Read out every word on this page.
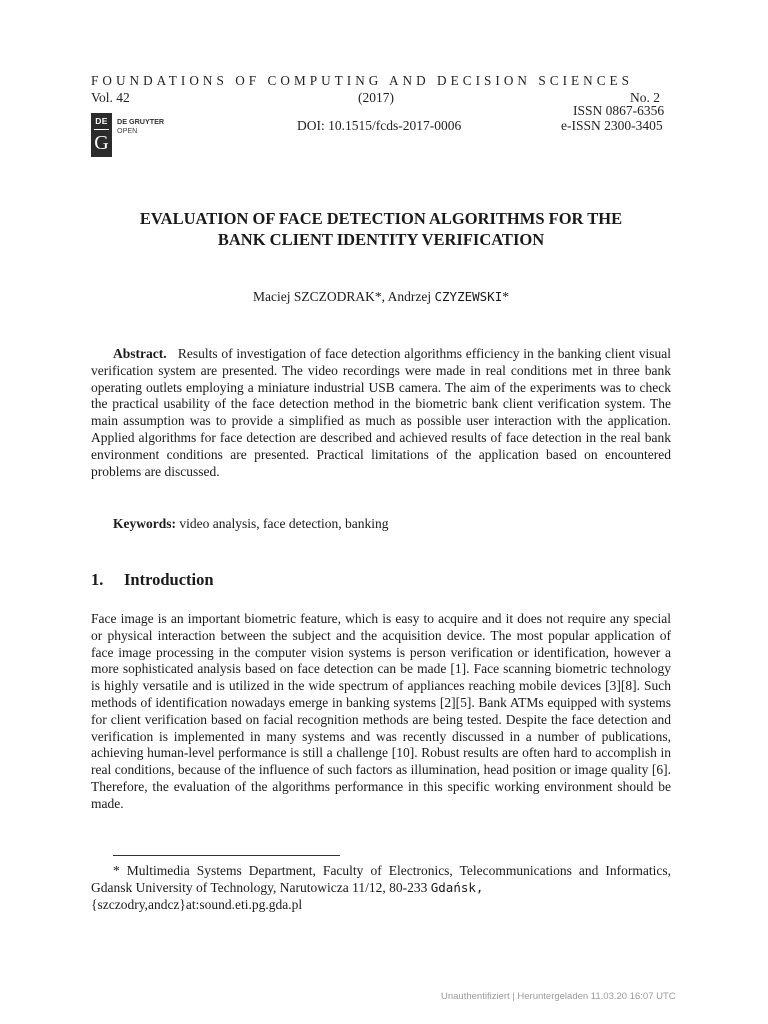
FOUNDATIONS OF COMPUTING AND DECISION SCIENCES
Vol. 42	(2017)	No. 2
ISSN 0867-6356
DOI: 10.1515/fcds-2017-0006	e-ISSN 2300-3405
DE
G
DE GRUYTER
OPEN
EVALUATION OF FACE DETECTION ALGORITHMS FOR THE
BANK CLIENT IDENTITY VERIFICATION
Maciej SZCZODRAK*, Andrzej CZYZEWSKI*
Abstract. Results of investigation of face detection algorithms efficiency in the banking client visual verification system are presented. The video recordings were made in real conditions met in three bank operating outlets employing a miniature industrial USB camera. The aim of the experiments was to check the practical usability of the face detection method in the biometric bank client verification system. The main assumption was to provide a simplified as much as possible user interaction with the application. Applied algorithms for face detection are described and achieved results of face detection in the real bank environment conditions are presented. Practical limitations of the application based on encountered problems are discussed.
Keywords: video analysis, face detection, banking
1. Introduction
Face image is an important biometric feature, which is easy to acquire and it does not require any special or physical interaction between the subject and the acquisition device. The most popular application of face image processing in the computer vision systems is person verification or identification, however a more sophisticated analysis based on face detection can be made [1]. Face scanning biometric technology is highly versatile and is utilized in the wide spectrum of appliances reaching mobile devices [3][8]. Such methods of identification nowadays emerge in banking systems [2][5]. Bank ATMs equipped with systems for client verification based on facial recognition methods are being tested. Despite the face detection and verification is implemented in many systems and was recently discussed in a number of publications, achieving human-level performance is still a challenge [10]. Robust results are often hard to accomplish in real conditions, because of the influence of such factors as illumination, head position or image quality [6]. Therefore, the evaluation of the algorithms performance in this specific working environment should be made.
* Multimedia Systems Department, Faculty of Electronics, Telecommunications and Informatics, Gdansk University of Technology, Narutowicza 11/12, 80-233 Gdańsk,
{szczodry,andcz}at:sound.eti.pg.gda.pl
Unauthentifiziert | Heruntergeladen 11.03.20 16:07 UTC
